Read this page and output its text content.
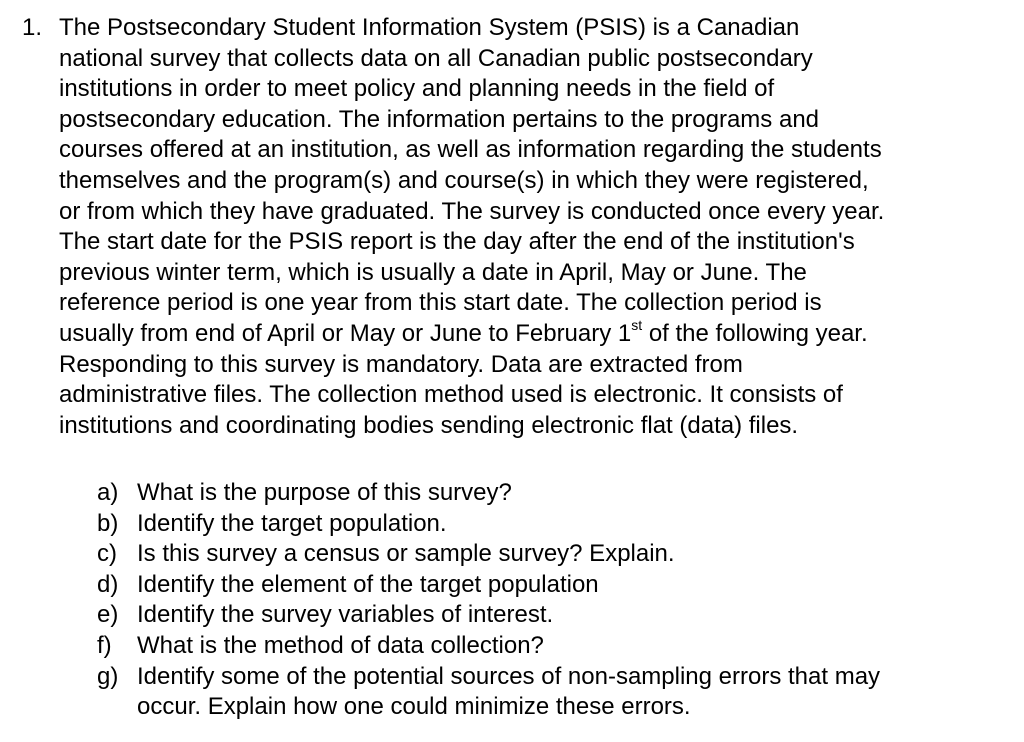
1. The Postsecondary Student Information System (PSIS) is a Canadian
national survey that collects data on all Canadian public postsecondary
institutions in order to meet policy and planning needs in the field of
postsecondary education. The information pertains to the programs and
courses offered at an institution, as well as information regarding the students
themselves and the program(s) and course(s) in which they were registered,
or from which they have graduated. The survey is conducted once every year.
The start date for the PSIS report is the day after the end of the institution's
previous winter term, which is usually a date in April, May or June. The
reference period is one year from this start date. The collection period is
usually from end of April or May or June to February 1st of the following year.
Responding to this survey is mandatory. Data are extracted from
administrative files. The collection method used is electronic. It consists of
institutions and coordinating bodies sending electronic flat (data) files.
a) What is the purpose of this survey?
b) Identify the target population.
c) Is this survey a census or sample survey? Explain.
d) Identify the element of the target population
e) Identify the survey variables of interest.
f) What is the method of data collection?
g) Identify some of the potential sources of non-sampling errors that may
occur. Explain how one could minimize these errors.
